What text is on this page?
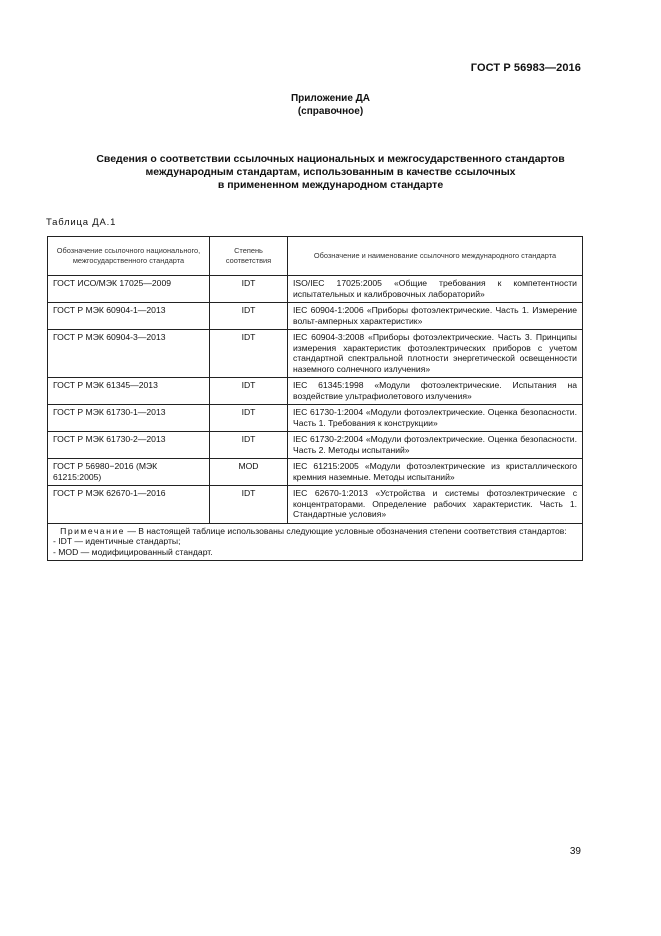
ГОСТ Р 56983—2016
Приложение ДА
(справочное)
Сведения о соответствии ссылочных национальных и межгосударственного стандартов
международным стандартам, использованным в качестве ссылочных
в примененном международном стандарте
Таблица ДА.1
Обозначение ссылочного национального, межгосударственного стандарта	Степень соответствия	Обозначение и наименование ссылочного международного стандарта
ГОСТ ИСО/МЭК 17025—2009	IDT	ISO/IEC 17025:2005 «Общие требования к компетентности испытательных и калибровочных лабораторий»
ГОСТ Р МЭК 60904-1—2013	IDT	IEC 60904-1:2006 «Приборы фотоэлектрические. Часть 1. Измерение вольт-амперных характеристик»
ГОСТ Р МЭК 60904-3—2013	IDT	IEC 60904-3:2008 «Приборы фотоэлектрические. Часть 3. Принципы измерения характеристик фотоэлектрических приборов с учетом стандартной спектральной плотности энергетической освещенности наземного солнечного излучения»
ГОСТ Р МЭК 61345—2013	IDT	IEC 61345:1998 «Модули фотоэлектрические. Испытания на воздействие ультрафиолетового излучения»
ГОСТ Р МЭК 61730-1—2013	IDT	IEC 61730-1:2004 «Модули фотоэлектрические. Оценка безопасности. Часть 1. Требования к конструкции»
ГОСТ Р МЭК 61730-2—2013	IDT	IEC 61730-2:2004 «Модули фотоэлектрические. Оценка безопасности. Часть 2. Методы испытаний»
ГОСТ Р 56980−2016 (МЭК 61215:2005)	MOD	IEC 61215:2005 «Модули фотоэлектрические из кристаллического кремния наземные. Методы испытаний»
ГОСТ Р МЭК 62670-1—2016	IDT	IEC 62670-1:2013 «Устройства и системы фотоэлектрические с концентраторами. Определение рабочих характеристик. Часть 1. Стандартные условия»

Примечание — В настоящей таблице использованы следующие условные обозначения степени соответствия стандартов:
- IDT — идентичные стандарты;
- MOD — модифицированный стандарт.		
39
